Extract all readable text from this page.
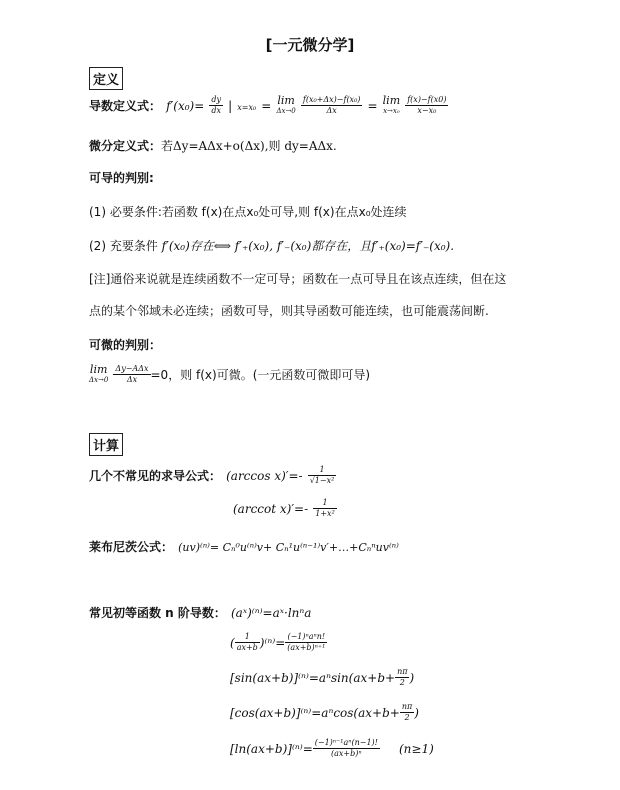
[一元微分学]
定义
导数定义式： $f'(x_0)= \frac{dy}{dx}$ | x=x₀ = lim
Δx→0
$\frac{\text{f(x₀+Δx)−f(x₀)}}{\Delta x} = \lim$
x→x₀
$\frac{f(x)-f(x0)}{\text{x−x₀}}$
微分定义式：若Δy=AΔx+o(Δx),则 dy=AΔx.
可导的判别:
(1) 必要条件:若函数 f(x)在点x₀处可导,则 f(x)在点x₀处连续
(2) 充要条件 f′(x₀)存在⟺ f′₊(x₀), f′₋(x₀)都存在，且f′₊(x₀)=f′₋(x₀).
[注]通俗来说就是连续函数不一定可导；函数在一点可导且在该点连续，但在这
点的某个邻域未必连续；函数可导，则其导函数可能连续，也可能震荡间断.
可微的判别：
lim
Δx→0
$\frac{\text{Δy−AΔx}}{\Delta x} =0$，则 f(x)可微。(一元函数可微即可导)
计算
几个不常见的求导公式： (arccos $x)'=- \frac{1}{\text{√1−x²}}$
(arccot $x)'=- \frac{1}{\text{1+x²}}$
莱布尼茨公式： (uv)⁽ⁿ⁾= Cₙ⁰u⁽ⁿ⁾v+ Cₙ¹u⁽ⁿ⁻¹⁾v′+…+Cₙⁿuv⁽ⁿ⁾
常见初等函数 n 阶导数： (aˣ)⁽ⁿ⁾=aˣ·lnⁿa
( $\frac{1}{ax+b} )^{(n)}= \frac{\text{(−1)ⁿaⁿn!}}{\text{(ax+b)ⁿ⁺¹}}$
$[\sin(ax+b)]^{(n)}=a^n\sin(ax+b+ \frac{n\pi}{2}$ )
$[\cos(ax+b)]^{(n)}=a^n\cos(ax+b+ \frac{n\pi}{2}$ )
$[\ln(ax+b)]^{(n)}= \frac{\text{(−1)ⁿ⁻¹aⁿ(n−1)!}}{\text{(ax+b)ⁿ}} (n\ge 1)$
